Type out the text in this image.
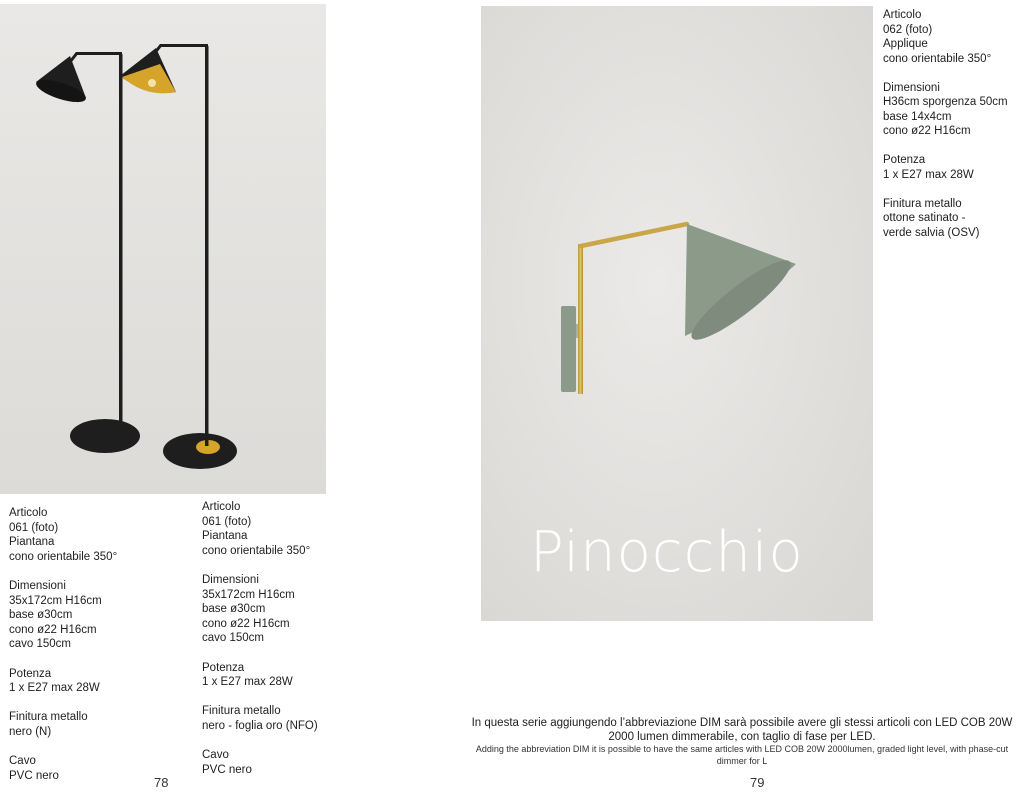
Pinocchio

Articolo
061 (foto)
Piantana
cono orientabile 350°

Dimensioni
35x172cm H16cm
base ø30cm
cono ø22 H16cm
cavo 150cm

Potenza
1 x E27 max 28W

Finitura metallo
nero (N)

Cavo
PVC nero

Articolo
061 (foto)
Piantana
cono orientabile 350°

Dimensioni
35x172cm H16cm
base ø30cm
cono ø22 H16cm
cavo 150cm

Potenza
1 x E27 max 28W

Finitura metallo
nero - foglia oro (NFO)

Cavo
PVC nero

Articolo
062 (foto)
Applique
cono orientabile 350°

Dimensioni
H36cm sporgenza 50cm
base 14x4cm
cono ø22 H16cm

Potenza
1 x E27 max 28W

Finitura metallo
ottone satinato -
verde salvia (OSV)

In questa serie aggiungendo l’abbreviazione DIM sarà possibile avere gli stessi articoli con LED COB 20W 2000 lumen dimmerabile, con taglio di fase per LED.
Adding the abbreviation DIM it is possible to have the same articles with LED COB 20W 2000lumen, graded light level, with phase-cut dimmer for L
78	79
